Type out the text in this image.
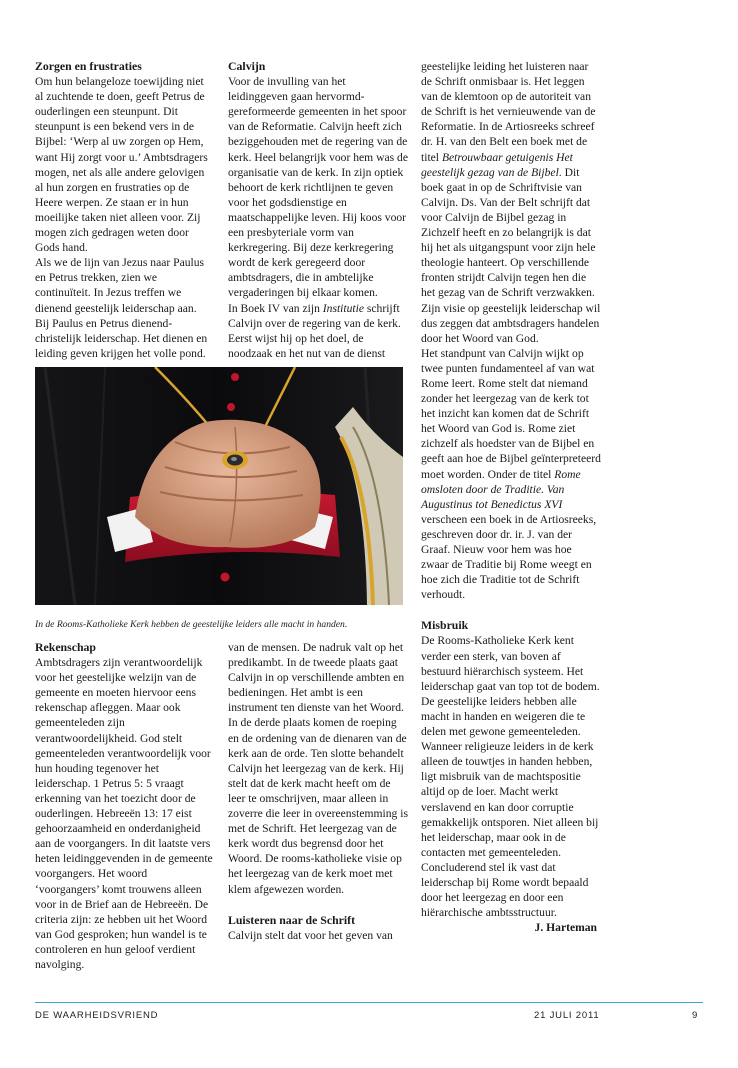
Zorgen en frustraties

Om hun belangeloze toewijding niet al zuchtende te doen, geeft Petrus de ouderlingen een steunpunt. Dit steunpunt is een bekend vers in de Bijbel: ‘Werp al uw zorgen op Hem, want Hij zorgt voor u.’ Ambtsdragers mogen, net als alle andere gelovigen al hun zorgen en frustraties op de Heere werpen. Ze staan er in hun moeilijke taken niet alleen voor. Zij mogen zich gedragen weten door Gods hand.

Als we de lijn van Jezus naar Paulus en Petrus trekken, zien we continuïteit. In Jezus treffen we dienend geestelijk leiderschap aan. Bij Paulus en Petrus dienend-christelijk leiderschap. Het dienen en leiding geven krijgen het volle pond.

Calvijn

Voor de invulling van het leidinggeven gaan hervormd-gereformeerde gemeenten in het spoor van de Reformatie. Calvijn heeft zich beziggehouden met de regering van de kerk. Heel belangrijk voor hem was de organisatie van de kerk. In zijn optiek behoort de kerk richtlijnen te geven voor het godsdienstige en maatschappelijke leven. Hij koos voor een presbyteriale vorm van kerkregering. Bij deze kerkregering wordt de kerk geregeerd door ambtsdragers, die in ambtelijke vergaderingen bij elkaar komen.

In Boek IV van zijn Institutie schrijft Calvijn over de regering van de kerk. Eerst wijst hij op het doel, de noodzaak en het nut van de dienst

geestelijke leiding het luisteren naar de Schrift onmisbaar is. Het leggen van de klemtoon op de autoriteit van de Schrift is het vernieuwende van de Reformatie. In de Artiosreeks schreef dr. H. van den Belt een boek met de titel Betrouwbaar getuigenis Het geestelijk gezag van de Bijbel. Dit boek gaat in op de Schriftvisie van Calvijn. Ds. Van der Belt schrijft dat voor Calvijn de Bijbel gezag in Zichzelf heeft en zo belangrijk is dat hij het als uitgangspunt voor zijn hele theologie hanteert. Op verschillende fronten strijdt Calvijn tegen hen die het gezag van de Schrift verzwakken. Zijn visie op geestelijk leiderschap wil dus zeggen dat ambtsdragers handelen door het Woord van God.

Het standpunt van Calvijn wijkt op twee punten fundamenteel af van wat Rome leert. Rome stelt dat niemand zonder het leergezag van de kerk tot het inzicht kan komen dat de Schrift het Woord van God is. Rome ziet zichzelf als hoedster van de Bijbel en geeft aan hoe de Bijbel geïnterpreteerd moet worden. Onder de titel Rome omsloten door de Traditie. Van Augustinus tot Benedictus XVI verscheen een boek in de Artiosreeks, geschreven door dr. ir. J. van der Graaf. Nieuw voor hem was hoe zwaar de Traditie bij Rome weegt en hoe zich die Traditie tot de Schrift verhoudt.

Misbruik

De Rooms-Katholieke Kerk kent verder een sterk, van boven af bestuurd hiërarchisch systeem. Het leiderschap gaat van top tot de bodem. De geestelijke leiders hebben alle macht in handen en weigeren die te delen met gewone gemeenteleden. Wanneer religieuze leiders in de kerk alleen de touwtjes in handen hebben, ligt misbruik van de machtspositie altijd op de loer. Macht werkt verslavend en kan door corruptie gemakkelijk ontsporen. Niet alleen bij het leiderschap, maar ook in de contacten met gemeenteleden. Concluderend stel ik vast dat leiderschap bij Rome wordt bepaald door het leergezag en door een hiërarchische ambtsstructuur.

J. Harteman

In de Rooms-Katholieke Kerk hebben de geestelijke leiders alle macht in handen.

Rekenschap

Ambtsdragers zijn verantwoordelijk voor het geestelijke welzijn van de gemeente en moeten hiervoor eens rekenschap afleggen. Maar ook gemeenteleden zijn verantwoordelijkheid. God stelt gemeenteleden verantwoordelijk voor hun houding tegenover het leiderschap. 1 Petrus 5: 5 vraagt erkenning van het toezicht door de ouderlingen. Hebreeën 13: 17 eist gehoorzaamheid en onderdanigheid aan de voorgangers. In dit laatste vers heten leidinggevenden in de gemeente voorgangers. Het woord ‘voorgangers’ komt trouwens alleen voor in de Brief aan de Hebreeën. De criteria zijn: ze hebben uit het Woord van God gesproken; hun wandel is te controleren en hun geloof verdient navolging.

van de mensen. De nadruk valt op het predikambt. In de tweede plaats gaat Calvijn in op verschillende ambten en bedieningen. Het ambt is een instrument ten dienste van het Woord. In de derde plaats komen de roeping en de ordening van de dienaren van de kerk aan de orde. Ten slotte behandelt Calvijn het leergezag van de kerk. Hij stelt dat de kerk macht heeft om de leer te omschrijven, maar alleen in zoverre die leer in overeenstemming is met de Schrift. Het leergezag van de kerk wordt dus begrensd door het Woord. De rooms-katholieke visie op het leergezag van de kerk moet met klem afgewezen worden.

Luisteren naar de Schrift

Calvijn stelt dat voor het geven van

DE WAARHEIDSVRIEND	21 JULI 2011	9
